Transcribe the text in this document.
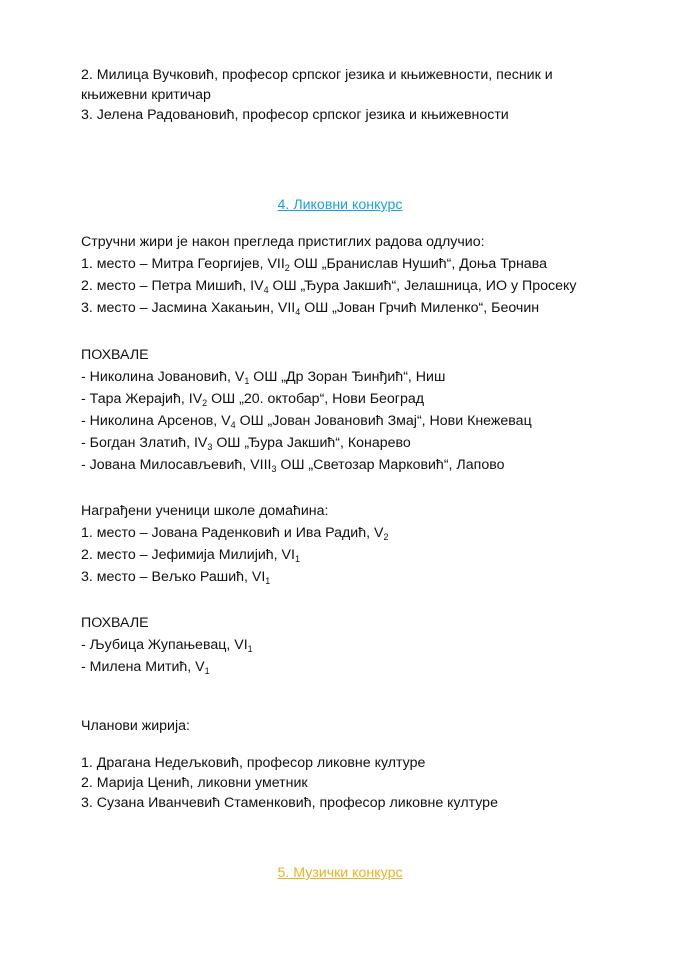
2. Милица Вучковић, професор српског језика и књижевности, песник и
књижевни критичар
3. Јелена Радовановић, професор српског језика и књижевности
4. Ликовни конкурс
Стручни жири је након прегледа пристиглих радова одлучио:
1. место – Митра Георгијев, $VII_2$ ОШ „Бранислав Нушић“, Доња Трнава
2. место – Петра Мишић, $IV_4$ ОШ „Ђура Јакшић“, Јелашница, ИО у Просеку
3. место – Јасмина Хакањин, $VII_4$ ОШ „Јован Грчић Миленко“, Беочин
ПОХВАЛЕ
- Николина Јовановић, $V_1$ ОШ „Др Зоран Ђинђић“, Ниш
- Тара Жерајић, $IV_2$ ОШ „20. октобар“, Нови Београд
- Николина Арсенов, $V_4$ ОШ „Јован Јовановић Змај“, Нови Кнежевац
- Богдан Златић, $IV_3$ ОШ „Ђура Јакшић“, Конарево
- Јована Милосављевић, $VIII_3$ ОШ „Светозар Марковић“, Лапово
Награђени ученици школе домаћина:
1. место – Јована Раденковић и Ива Радић, $V_2$
2. место – Јефимија Милијић, $VI_1$
3. место – Вељко Рашић, $VI_1$
ПОХВАЛЕ
- Љубица Жупањевац, $VI_1$
- Милена Митић, $V_1$
Чланови жирија:
1. Драгана Недељковић, професор ликовне културе
2. Марија Ценић, ликовни уметник
3. Сузана Иванчевић Стаменковић, професор ликовне културе
5. Музички конкурс
